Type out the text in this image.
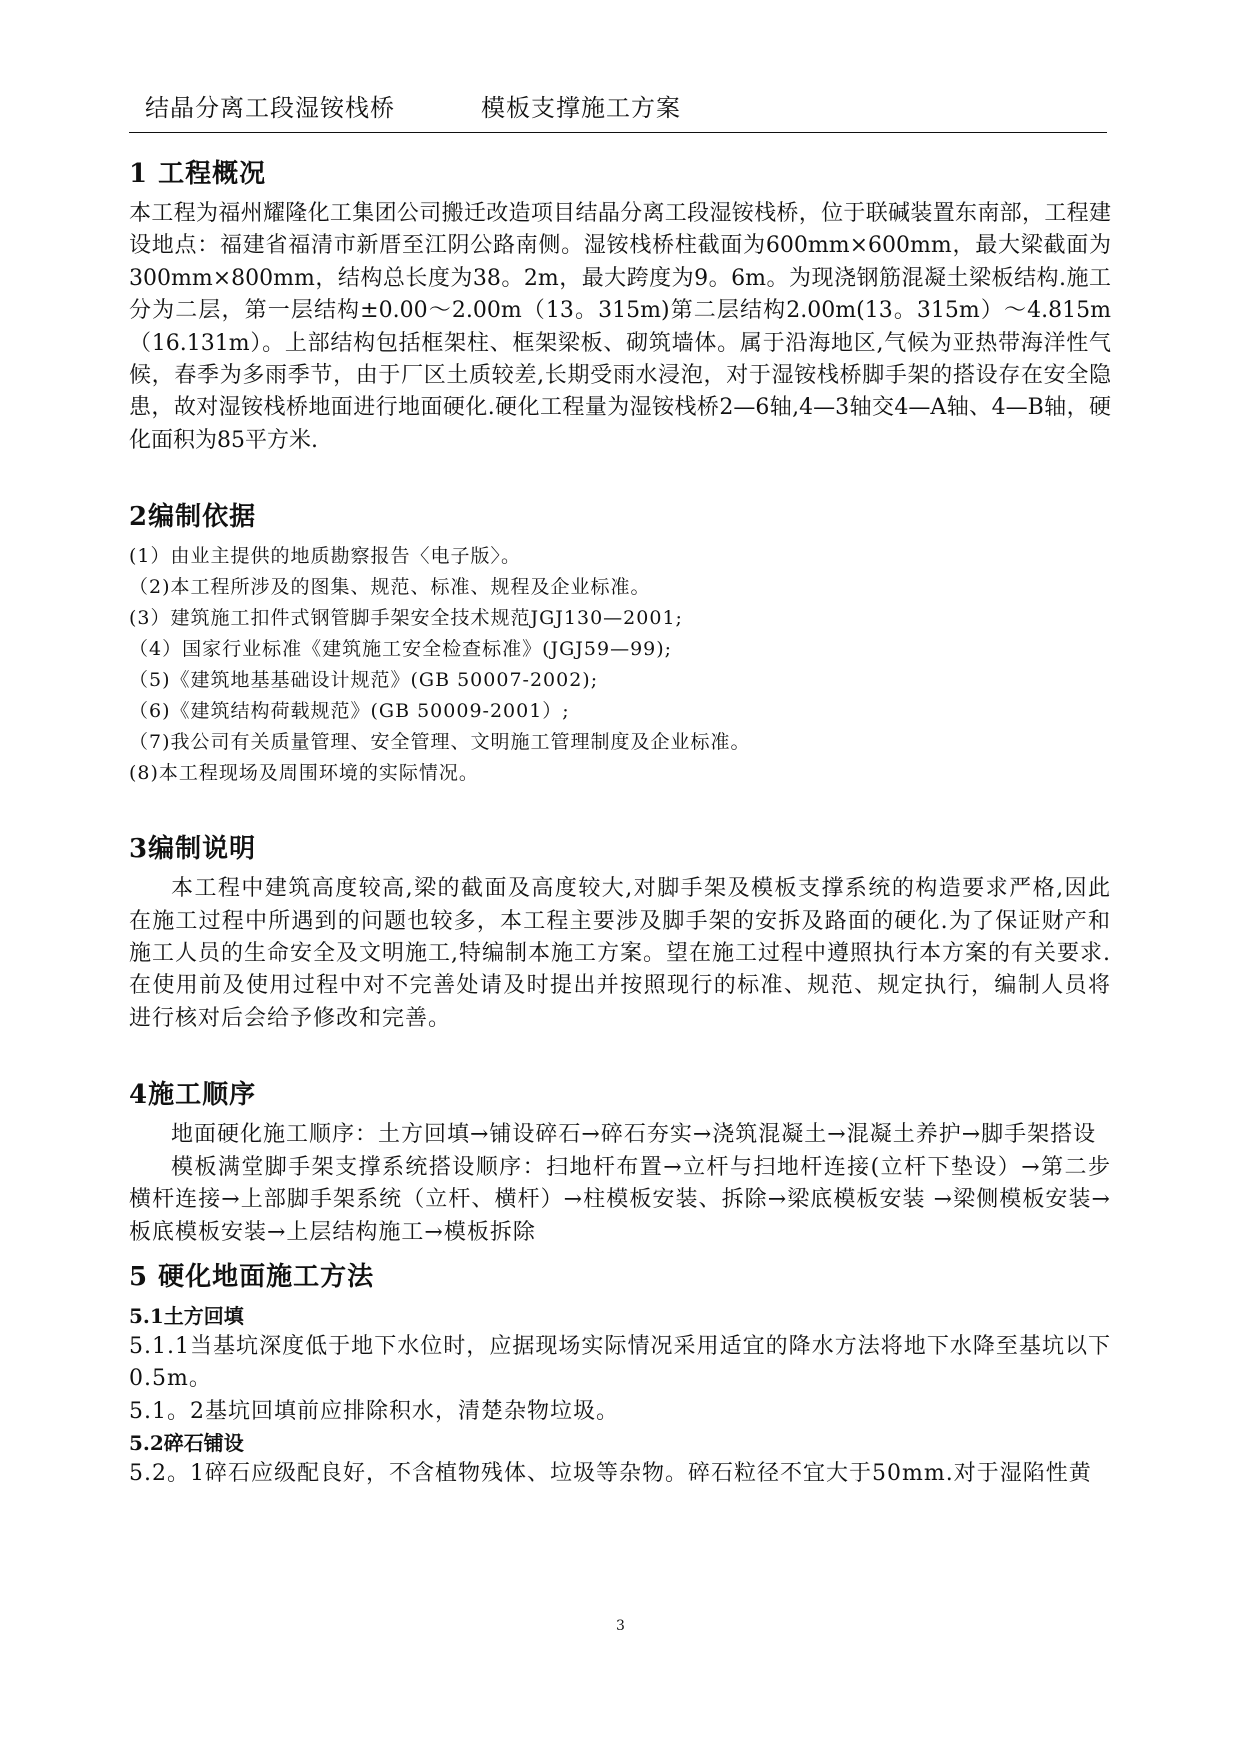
结晶分离工段湿铵栈桥	模板支撑施工方案
1 工程概况

本工程为福州耀隆化工集团公司搬迁改造项目结晶分离工段湿铵栈桥，位于联碱装置东南部，工程建设地点：福建省福清市新厝至江阴公路南侧。湿铵栈桥柱截面为600mm×600mm，最大梁截面为300mm×800mm，结构总长度为38。2m，最大跨度为9。6m。为现浇钢筋混凝土梁板结构.施工分为二层，第一层结构±0.00～2.00m（13。315m)第二层结构2.00m(13。315m）～4.815m（16.131m）。上部结构包括框架柱、框架梁板、砌筑墙体。属于沿海地区,气候为亚热带海洋性气候，春季为多雨季节，由于厂区土质较差,长期受雨水浸泡，对于湿铵栈桥脚手架的搭设存在安全隐患，故对湿铵栈桥地面进行地面硬化.硬化工程量为湿铵栈桥2—6轴,4—3轴交4—A轴、4—B轴，硬化面积为85平方米.

2编制依据

(1）由业主提供的地质勘察报告〈电子版〉。

（2)本工程所涉及的图集、规范、标准、规程及企业标准。

(3）建筑施工扣件式钢管脚手架安全技术规范JGJ130—2001;

（4）国家行业标准《建筑施工安全检查标准》(JGJ59—99);

（5)《建筑地基基础设计规范》(GB 50007-2002);

（6)《建筑结构荷载规范》(GB 50009-2001）;

（7)我公司有关质量管理、安全管理、文明施工管理制度及企业标准。

(8)本工程现场及周围环境的实际情况。

3编制说明

本工程中建筑高度较高,梁的截面及高度较大,对脚手架及模板支撑系统的构造要求严格,因此在施工过程中所遇到的问题也较多，本工程主要涉及脚手架的安拆及路面的硬化.为了保证财产和施工人员的生命安全及文明施工,特编制本施工方案。望在施工过程中遵照执行本方案的有关要求.在使用前及使用过程中对不完善处请及时提出并按照现行的标准、规范、规定执行，编制人员将进行核对后会给予修改和完善。

4施工顺序

地面硬化施工顺序：土方回填→铺设碎石→碎石夯实→浇筑混凝土→混凝土养护→脚手架搭设

模板满堂脚手架支撑系统搭设顺序：扫地杆布置→立杆与扫地杆连接(立杆下垫设）→第二步横杆连接→上部脚手架系统（立杆、横杆）→柱模板安装、拆除→梁底模板安装 →梁侧模板安装→板底模板安装→上层结构施工→模板拆除

5 硬化地面施工方法
5.1土方回填

5.1.1当基坑深度低于地下水位时，应据现场实际情况采用适宜的降水方法将地下水降至基坑以下0.5m。

5.1。2基坑回填前应排除积水，清楚杂物垃圾。

5.2碎石铺设

5.2。1碎石应级配良好，不含植物残体、垃圾等杂物。碎石粒径不宜大于50mm.对于湿陷性黄

3
